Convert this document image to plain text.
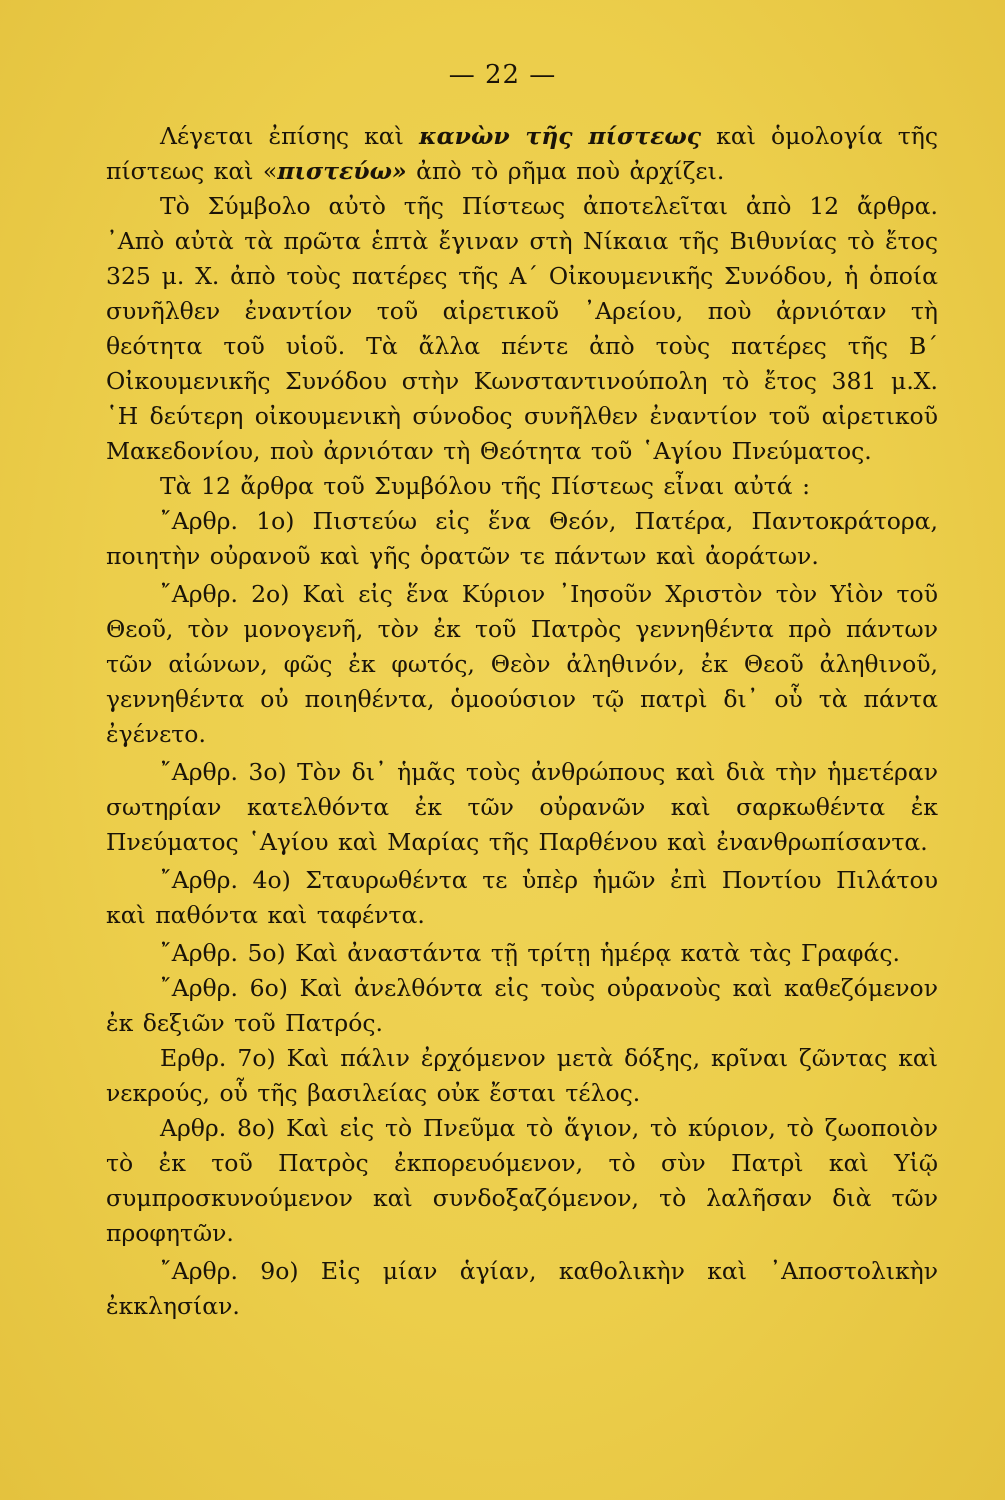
— 22 —

Λέγεται ἐπίσης καὶ κανὼν τῆς πίστεως καὶ ὁμολογία τῆς πίστεως καὶ «πιστεύω» ἀπὸ τὸ ρῆμα ποὺ ἀρχίζει.

Τὸ Σύμβολο αὐτὸ τῆς Πίστεως ἀποτελεῖται ἀπὸ 12 ἄρθρα. ᾿Απὸ αὐτὰ τὰ πρῶτα ἑπτὰ ἔγιναν στὴ Νίκαια τῆς Βιθυνίας τὸ ἔτος 325 μ. Χ. ἀπὸ τοὺς πατέρες τῆς Α΄ Οἰκουμενικῆς Συνόδου, ἡ ὁποία συνῆλθεν ἐναντίον τοῦ αἱρετικοῦ ᾿Αρείου, ποὺ ἀρνιόταν τὴ θεότητα τοῦ υἱοῦ. Τὰ ἄλλα πέντε ἀπὸ τοὺς πατέρες τῆς Β΄ Οἰκουμενικῆς Συνόδου στὴν Κωνσταντινούπολη τὸ ἔτος 381 μ.Χ. ῾Η δεύτερη οἰκουμενικὴ σύνοδος συνῆλθεν ἐναντίον τοῦ αἱρετικοῦ Μακεδονίου, ποὺ ἀρνιόταν τὴ Θεότητα τοῦ ῾Αγίου Πνεύματος.

Τὰ 12 ἄρθρα τοῦ Συμβόλου τῆς Πίστεως εἶναι αὐτά :

῎Αρθρ. 1ο) Πιστεύω εἰς ἕνα Θεόν, Πατέρα, Παντοκράτορα, ποιητὴν οὐρανοῦ καὶ γῆς ὁρατῶν τε πάντων καὶ ἀοράτων.

῎Αρθρ. 2ο) Καὶ εἰς ἕνα Κύριον ᾿Ιησοῦν Χριστὸν τὸν Υἱὸν τοῦ Θεοῦ, τὸν μονογενῆ, τὸν ἐκ τοῦ Πατρὸς γεννηθέντα πρὸ πάντων τῶν αἰώνων, φῶς ἐκ φωτός, Θεὸν ἀληθινόν, ἐκ Θεοῦ ἀληθινοῦ, γεννηθέντα οὐ ποιηθέντα, ὁμοούσιον τῷ πατρὶ δι᾿ οὗ τὰ πάντα ἐγένετο.

῎Αρθρ. 3ο) Τὸν δι᾿ ἡμᾶς τοὺς ἀνθρώπους καὶ διὰ τὴν ἡμετέραν σωτηρίαν κατελθόντα ἐκ τῶν οὐρανῶν καὶ σαρκωθέντα ἐκ Πνεύματος ῾Αγίου καὶ Μαρίας τῆς Παρθένου καὶ ἐνανθρωπίσαντα.

῎Αρθρ. 4ο) Σταυρωθέντα τε ὑπὲρ ἡμῶν ἐπὶ Ποντίου Πιλάτου καὶ παθόντα καὶ ταφέντα.

῎Αρθρ. 5ο) Καὶ ἀναστάντα τῇ τρίτῃ ἡμέρᾳ κατὰ τὰς Γραφάς.

῎Αρθρ. 6ο) Καὶ ἀνελθόντα εἰς τοὺς οὐρανοὺς καὶ καθεζόμενον ἐκ δεξιῶν τοῦ Πατρός.

Ερθρ. 7ο) Καὶ πάλιν ἐρχόμενον μετὰ δόξης, κρῖναι ζῶντας καὶ νεκρούς, οὗ τῆς βασιλείας οὐκ ἔσται τέλος.

Αρθρ. 8ο) Καὶ εἰς τὸ Πνεῦμα τὸ ἅγιον, τὸ κύριον, τὸ ζωοποιὸν τὸ ἐκ τοῦ Πατρὸς ἐκπορευόμενον, τὸ σὺν Πατρὶ καὶ Υἱῷ συμπροσκυνούμενον καὶ συνδοξαζόμενον, τὸ λαλῆσαν διὰ τῶν προφητῶν.

῎Αρθρ. 9ο) Εἰς μίαν ἁγίαν, καθολικὴν καὶ ᾿Αποστολικὴν ἐκκλησίαν.
